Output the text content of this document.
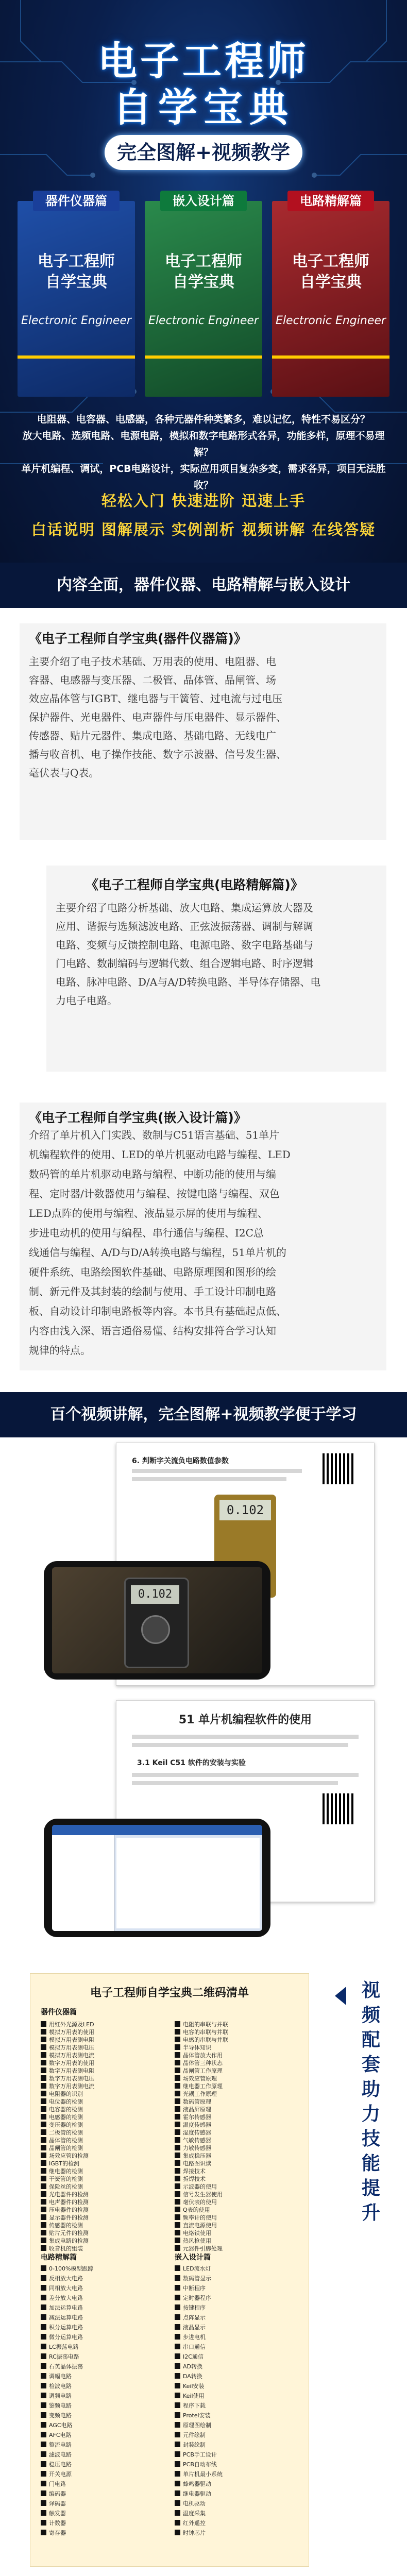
电子工程师
自学宝典
完全图解+视频教学
电子工程师
自学宝典
Electronic Engineer
器件仪器篇
电子工程师
自学宝典
Electronic Engineer
嵌入设计篇
电子工程师
自学宝典
Electronic Engineer
电路精解篇
电阻器、电容器、电感器，各种元器件种类繁多，难以记忆，特性不易区分？
放大电路、选频电路、电源电路，模拟和数字电路形式各异，功能多样，原理不易理解？
单片机编程、调试，PCB电路设计，实际应用项目复杂多变，需求各异，项目无法胜收？
轻松入门 快速进阶 迅速上手
白话说明 图解展示 实例剖析 视频讲解 在线答疑
内容全面，器件仪器、电路精解与嵌入设计
《电子工程师自学宝典(器件仪器篇)》
主要介绍了电子技术基础、万用表的使用、电阻器、电
容器、电感器与变压器、二极管、晶体管、晶闸管、场
效应晶体管与IGBT、继电器与干簧管、过电流与过电压
保护器件、光电器件、电声器件与压电器件、显示器件、
传感器、贴片元器件、集成电路、基础电路、无线电广
播与收音机、电子操作技能、数字示波器、信号发生器、
毫伏表与Q表。
《电子工程师自学宝典(电路精解篇)》
主要介绍了电路分析基础、放大电路、集成运算放大器及
应用、谐振与选频滤波电路、正弦波振荡器、调制与解调
电路、变频与反馈控制电路、电源电路、数字电路基础与
门电路、数制编码与逻辑代数、组合逻辑电路、时序逻辑
电路、脉冲电路、D/A与A/D转换电路、半导体存储器、电
力电子电路。
《电子工程师自学宝典(嵌入设计篇)》
介绍了单片机入门实践、数制与C51语言基础、51单片
机编程软件的使用、LED的单片机驱动电路与编程、LED
数码管的单片机驱动电路与编程、中断功能的使用与编
程、定时器/计数器使用与编程、按键电路与编程、双色
LED点阵的使用与编程、液晶显示屏的使用与编程、
步进电动机的使用与编程、串行通信与编程、I2C总
线通信与编程、A/D与D/A转换电路与编程，51单片机的
硬件系统、电路绘图软件基础、电路原理图和图形的绘
制、新元件及其封装的绘制与使用、手工设计印制电路
板、自动设计印制电路板等内容。本书具有基础起点低、
内容由浅入深、语言通俗易懂、结构安排符合学习认知
规律的特点。
百个视频讲解，完全图解+视频教学便于学习
6. 判断字关流负电路数值参数
0.102
0.102
51 单片机编程软件的使用
3.1 Keil C51 软件的安装与实验
电子工程师自学宝典二维码清单
器件仪器篇
电路精解篇	嵌入设计篇
用红外光源及LED
模拟万用表的使用
模拟万用表测电阻
模拟万用表测电压
模拟万用表测电流
数字万用表的使用
数字万用表测电阻
数字万用表测电压
数字万用表测电流
电阻器的识别
电位器的检测
电容器的检测
电感器的检测
变压器的检测
二极管的检测
晶体管的检测
晶闸管的检测
场效应管的检测
IGBT的检测
继电器的检测
干簧管的检测
保险丝的检测
光电器件的检测
电声器件的检测
压电器件的检测
显示器件的检测
传感器的检测
贴片元件的检测
集成电路的检测
收音机的组装
电阻的串联与并联
电容的串联与并联
电感的串联与并联
半导体知识
晶体管放大作用
晶体管三种状态
晶闸管工作原理
场效应管原理
继电器工作原理
光耦工作原理
数码管原理
液晶屏原理
霍尔传感器
温度传感器
湿度传感器
气敏传感器
力敏传感器
集成稳压器
电路图识读
焊接技术
拆焊技术
示波器的使用
信号发生器使用
毫伏表的使用
Q表的使用
频率计的使用
直流电源使用
电烙铁使用
热风枪使用
元器件引脚处理
0-100%模型跟踪
反相放大电路
同相放大电路
差分放大电路
加法运算电路
减法运算电路
积分运算电路
微分运算电路
LC振荡电路
RC振荡电路
石英晶体振荡
调幅电路
检波电路
调频电路
鉴频电路
变频电路
AGC电路
AFC电路
整流电路
滤波电路
稳压电路
开关电源
门电路
编码器
译码器
触发器
计数器
寄存器
LED流水灯
数码管显示
中断程序
定时器程序
按键程序
点阵显示
液晶显示
步进电机
串口通信
I2C通信
AD转换
DA转换
Keil安装
Keil使用
程序下载
Protel安装
原理图绘制
元件绘制
封装绘制
PCB手工设计
PCB自动布线
单片机最小系统
蜂鸣器驱动
继电器驱动
电机驱动
温度采集
红外遥控
时钟芯片
视
频
配
套
助
力
技
能
提
升
